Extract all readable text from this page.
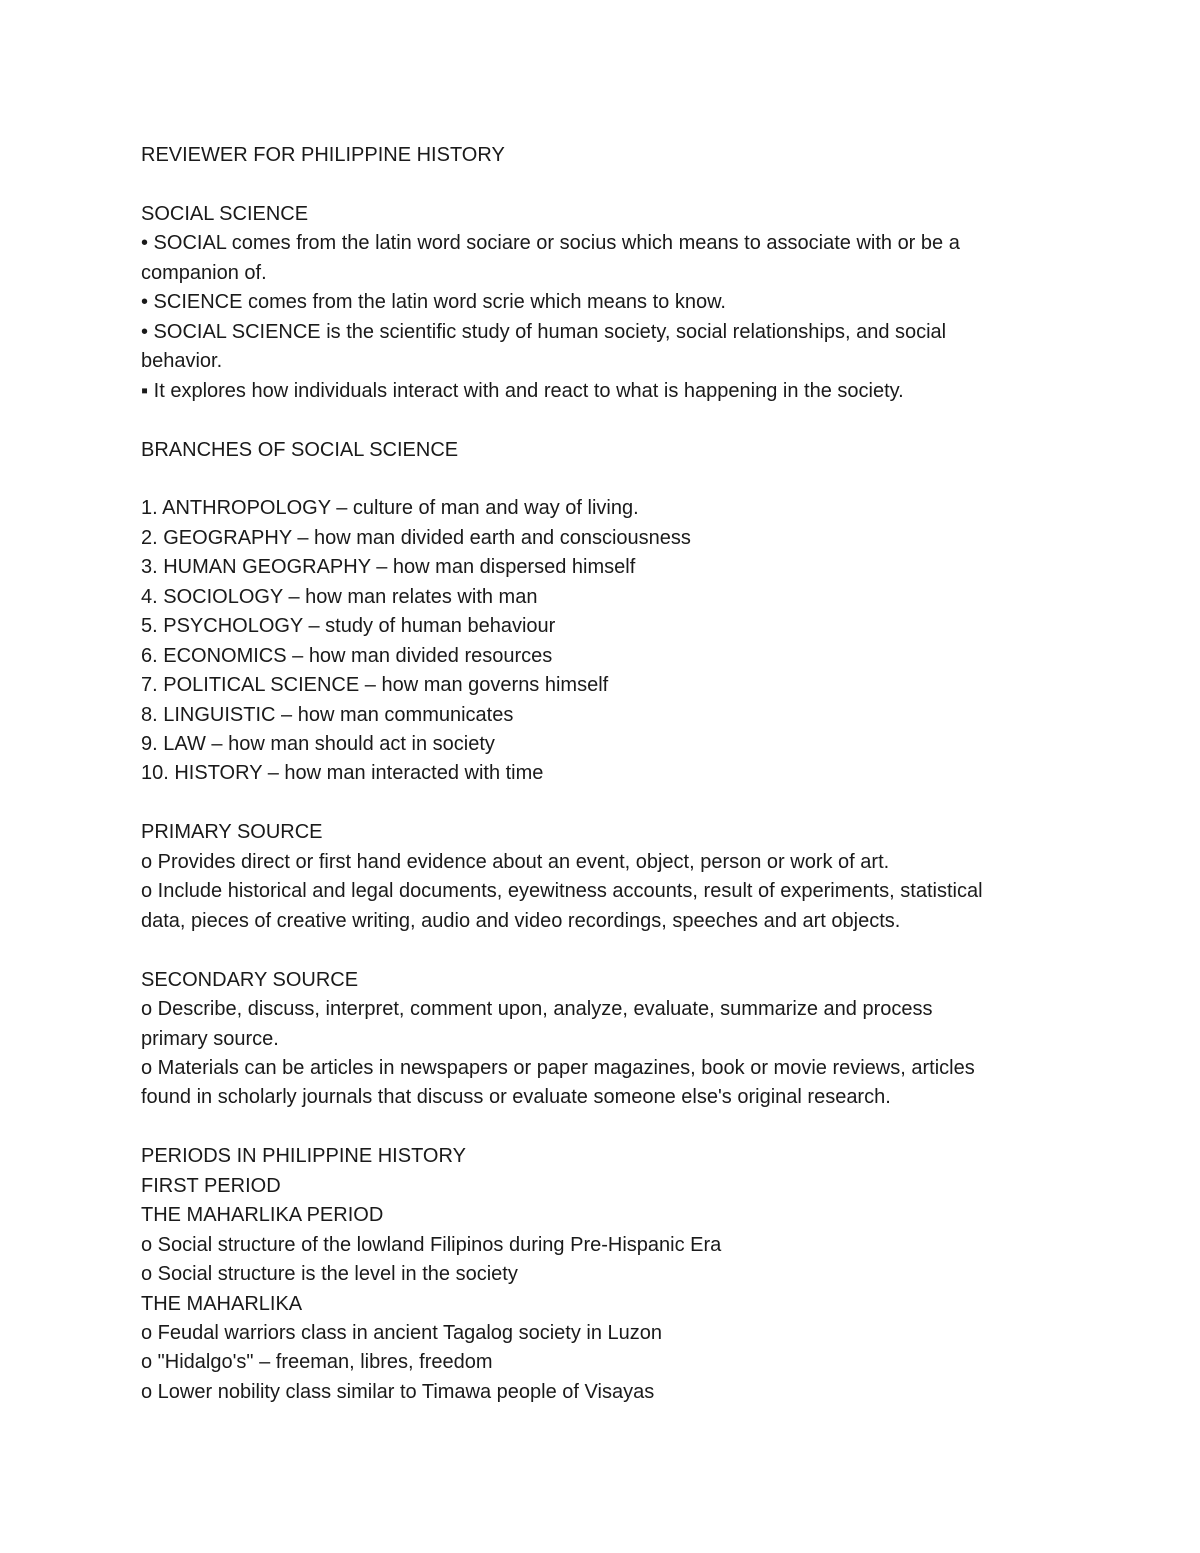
REVIEWER FOR PHILIPPINE HISTORY
SOCIAL SCIENCE
• SOCIAL comes from the latin word sociare or socius which means to associate with or be a
companion of.
• SCIENCE comes from the latin word scrie which means to know.
• SOCIAL SCIENCE is the scientific study of human society, social relationships, and social
behavior.
▪ It explores how individuals interact with and react to what is happening in the society.
BRANCHES OF SOCIAL SCIENCE
1. ANTHROPOLOGY – culture of man and way of living.
2. GEOGRAPHY – how man divided earth and consciousness
3. HUMAN GEOGRAPHY – how man dispersed himself
4. SOCIOLOGY – how man relates with man
5. PSYCHOLOGY – study of human behaviour
6. ECONOMICS – how man divided resources
7. POLITICAL SCIENCE – how man governs himself
8. LINGUISTIC – how man communicates
9. LAW – how man should act in society
10. HISTORY – how man interacted with time
PRIMARY SOURCE
o Provides direct or first hand evidence about an event, object, person or work of art.
o Include historical and legal documents, eyewitness accounts, result of experiments, statistical
data, pieces of creative writing, audio and video recordings, speeches and art objects.
SECONDARY SOURCE
o Describe, discuss, interpret, comment upon, analyze, evaluate, summarize and process
primary source.
o Materials can be articles in newspapers or paper magazines, book or movie reviews, articles
found in scholarly journals that discuss or evaluate someone else's original research.
PERIODS IN PHILIPPINE HISTORY
FIRST PERIOD
THE MAHARLIKA PERIOD
o Social structure of the lowland Filipinos during Pre-Hispanic Era
o Social structure is the level in the society
THE MAHARLIKA
o Feudal warriors class in ancient Tagalog society in Luzon
o "Hidalgo's" – freeman, libres, freedom
o Lower nobility class similar to Timawa people of Visayas
